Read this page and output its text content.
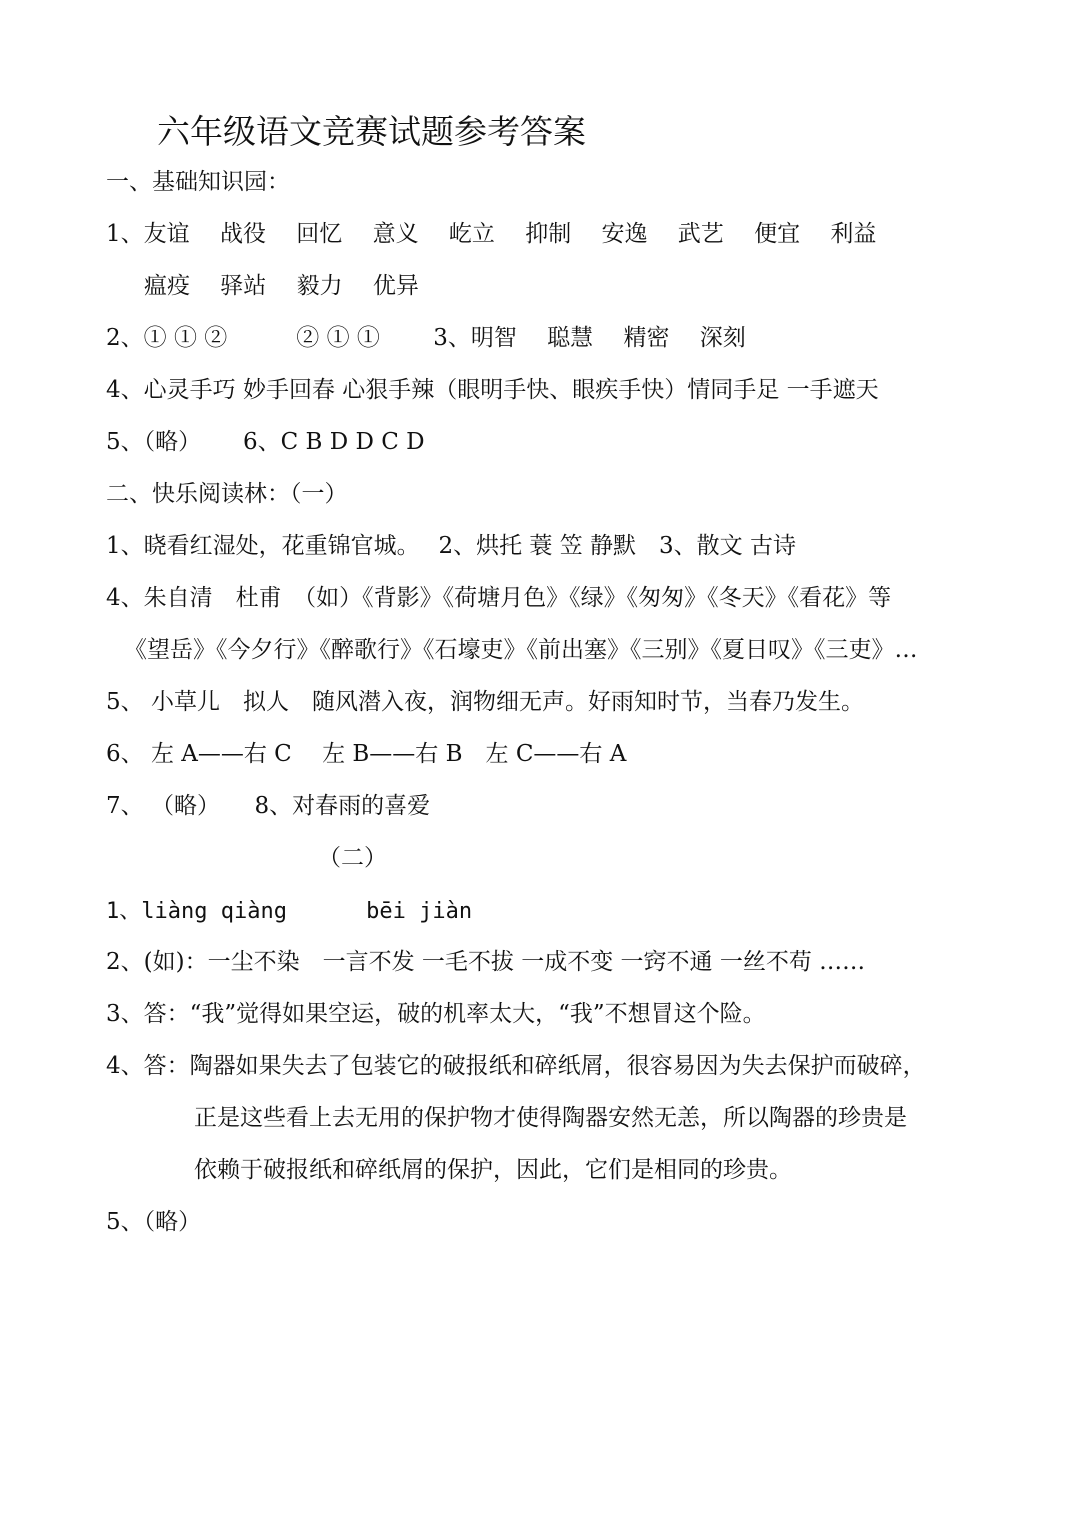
六年级语文竞赛试题参考答案
一、基础知识园：
1、友谊　 战役　 回忆　 意义　 屹立　 抑制　 安逸　 武艺　 便宜　 利益
瘟疫　 驿站　 毅力　 优异
2、① ① ②　　　② ① ①　　 3、明智　 聪慧　 精密　 深刻
4、心灵手巧 妙手回春 心狠手辣（眼明手快、眼疾手快）情同手足 一手遮天
5、（略）　　 6、C B D D C D
二、快乐阅读林：（一）
1、晓看红湿处，花重锦官城。　 2、烘托 蓑 笠 静默　3、散文 古诗
4、朱自清　杜甫　（如）《背影》《荷塘月色》《绿》《匆匆》《冬天》《看花》等
《望岳》《今夕行》《醉歌行》《石壕吏》《前出塞》《三别》《夏日叹》《三吏》…
5、 小草儿　拟人　随风潜入夜，润物细无声。好雨知时节，当春乃发生。
6、 左 A——右 C　 左 B——右 B　左 C——右 A
7、 （略）　　8、对春雨的喜爱
（二）
1、liàng qiàng　　　 bēi jiàn
2、(如)：一尘不染　一言不发 一毛不拔 一成不变 一窍不通 一丝不苟 ……
3、答：“我”觉得如果空运，破的机率太大，“我”不想冒这个险。
4、答：陶器如果失去了包装它的破报纸和碎纸屑，很容易因为失去保护而破碎，
正是这些看上去无用的保护物才使得陶器安然无恙，所以陶器的珍贵是
依赖于破报纸和碎纸屑的保护，因此，它们是相同的珍贵。
5、（略）
